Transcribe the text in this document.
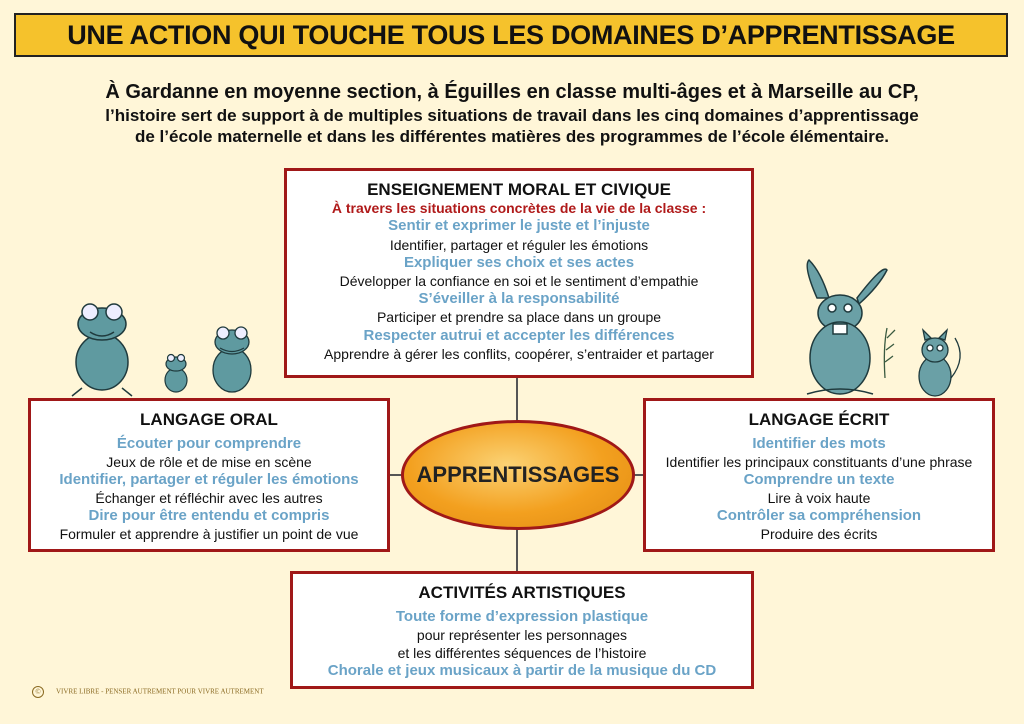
UNE ACTION QUI TOUCHE TOUS LES DOMAINES D’APPRENTISSAGE
À Gardanne en moyenne section, à Éguilles en classe multi-âges et à Marseille au CP,
l’histoire sert de support à de multiples situations de travail dans les cinq domaines d’apprentissage
de l’école maternelle et dans les différentes matières des programmes de l’école élémentaire.
ENSEIGNEMENT MORAL ET CIVIQUE
À travers les situations concrètes de la vie de la classe :
Sentir et exprimer le juste et l’injuste
Identifier, partager et réguler les émotions
Expliquer ses choix et ses actes
Développer la confiance en soi et le sentiment d’empathie
S’éveiller à la responsabilité
Participer et prendre sa place dans un groupe
Respecter autrui et accepter les différences
Apprendre à gérer les conflits, coopérer, s’entraider et partager
LANGAGE ORAL
Écouter pour comprendre
Jeux de rôle et de mise en scène
Identifier, partager et réguler les émotions
Échanger et réfléchir avec les autres
Dire pour être entendu et compris
Formuler et apprendre à justifier un point de vue
APPRENTISSAGES
LANGAGE ÉCRIT
Identifier des mots
Identifier les principaux constituants d’une phrase
Comprendre un texte
Lire à voix haute
Contrôler sa compréhension
Produire des écrits
ACTIVITÉS ARTISTIQUES
Toute forme d’expression plastique
pour représenter les personnages
et les différentes séquences de l’histoire
Chorale et jeux musicaux à partir de la musique du CD
© VIVRE LIBRE - PENSER AUTREMENT POUR VIVRE AUTREMENT
